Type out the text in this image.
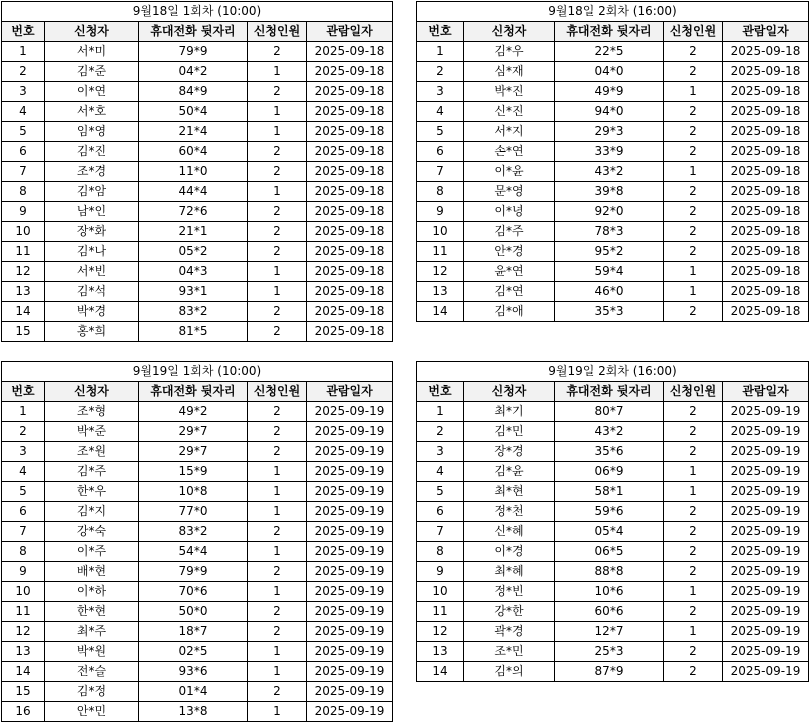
9월18일 1회차 (10:00)				
번호	신청자	휴대전화 뒷자리	신청인원	관람일자
1	서*미	79*9	2	2025-09-18
2	김*준	04*2	1	2025-09-18
3	이*연	84*9	2	2025-09-18
4	서*호	50*4	1	2025-09-18
5	임*영	21*4	1	2025-09-18
6	김*진	60*4	2	2025-09-18
7	조*경	11*0	2	2025-09-18
8	김*암	44*4	1	2025-09-18
9	남*인	72*6	2	2025-09-18
10	장*화	21*1	2	2025-09-18
11	김*나	05*2	2	2025-09-18
12	서*빈	04*3	1	2025-09-18
13	김*석	93*1	1	2025-09-18
14	박*경	83*2	2	2025-09-18
15	홍*희	81*5	2	2025-09-18
9월18일 2회차 (16:00)				
번호	신청자	휴대전화 뒷자리	신청인원	관람일자
1	김*우	22*5	2	2025-09-18
2	심*재	04*0	2	2025-09-18
3	박*진	49*9	1	2025-09-18
4	신*진	94*0	2	2025-09-18
5	서*지	29*3	2	2025-09-18
6	손*연	33*9	2	2025-09-18
7	이*윤	43*2	1	2025-09-18
8	문*영	39*8	2	2025-09-18
9	이*녕	92*0	2	2025-09-18
10	김*주	78*3	2	2025-09-18
11	안*경	95*2	2	2025-09-18
12	윤*연	59*4	1	2025-09-18
13	김*연	46*0	1	2025-09-18
14	김*애	35*3	2	2025-09-18
9월19일 1회차 (10:00)				
번호	신청자	휴대전화 뒷자리	신청인원	관람일자
1	조*형	49*2	2	2025-09-19
2	박*준	29*7	2	2025-09-19
3	조*원	29*7	2	2025-09-19
4	김*주	15*9	1	2025-09-19
5	한*우	10*8	1	2025-09-19
6	김*지	77*0	1	2025-09-19
7	강*숙	83*2	2	2025-09-19
8	이*주	54*4	1	2025-09-19
9	배*현	79*9	2	2025-09-19
10	이*하	70*6	1	2025-09-19
11	한*현	50*0	2	2025-09-19
12	최*주	18*7	2	2025-09-19
13	박*원	02*5	1	2025-09-19
14	전*슬	93*6	1	2025-09-19
15	김*정	01*4	2	2025-09-19
16	안*민	13*8	1	2025-09-19
9월19일 2회차 (16:00)				
번호	신청자	휴대전화 뒷자리	신청인원	관람일자
1	최*기	80*7	2	2025-09-19
2	김*민	43*2	2	2025-09-19
3	장*경	35*6	2	2025-09-19
4	김*윤	06*9	1	2025-09-19
5	최*현	58*1	1	2025-09-19
6	정*천	59*6	2	2025-09-19
7	신*혜	05*4	2	2025-09-19
8	이*경	06*5	2	2025-09-19
9	최*혜	88*8	2	2025-09-19
10	정*빈	10*6	1	2025-09-19
11	강*한	60*6	2	2025-09-19
12	곽*경	12*7	1	2025-09-19
13	조*민	25*3	2	2025-09-19
14	김*의	87*9	2	2025-09-19
